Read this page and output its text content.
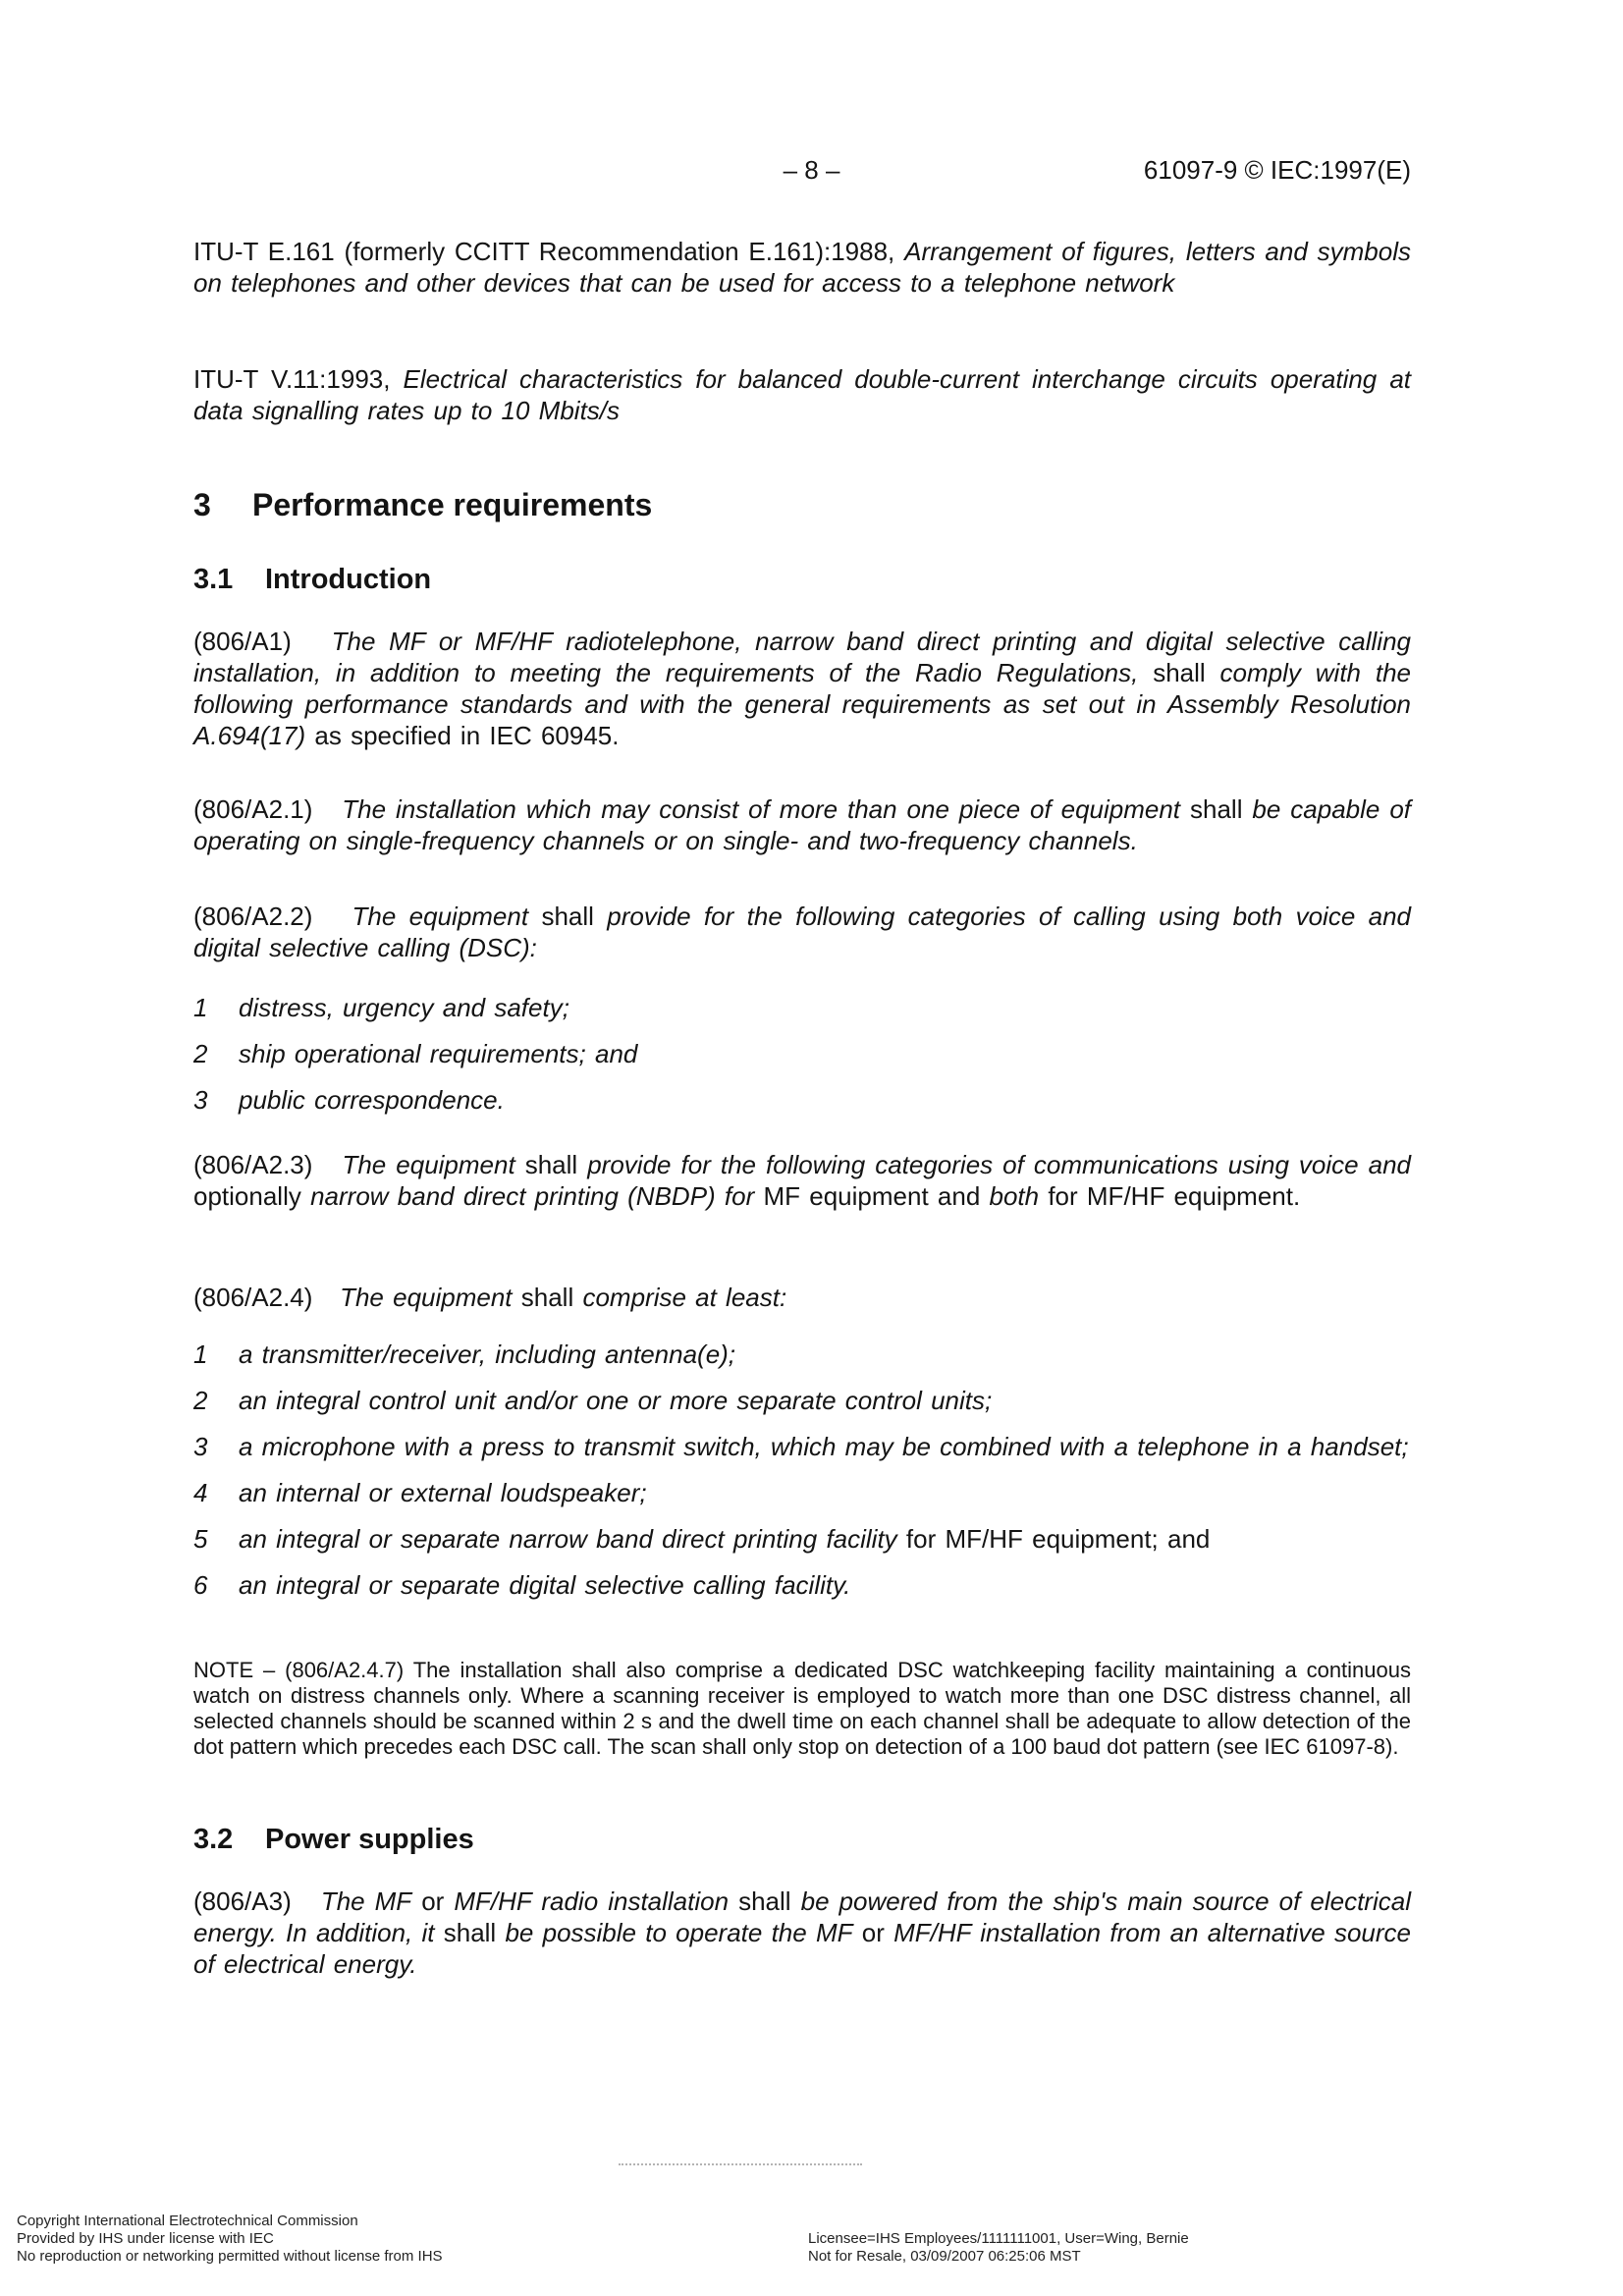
– 8 –	61097-9 © IEC:1997(E)

ITU-T E.161 (formerly CCITT Recommendation E.161):1988, Arrangement of figures, letters and symbols on telephones and other devices that can be used for access to a telephone network

ITU-T V.11:1993, Electrical characteristics for balanced double-current interchange circuits operating at data signalling rates up to 10 Mbits/s

3	Performance requirements
3.1	Introduction

(806/A1)   The MF or MF/HF radiotelephone, narrow band direct printing and digital selective calling installation, in addition to meeting the requirements of the Radio Regulations, shall comply with the following performance standards and with the general requirements as set out in Assembly Resolution A.694(17) as specified in IEC 60945.

(806/A2.1)   The installation which may consist of more than one piece of equipment shall be capable of operating on single-frequency channels or on single- and two-frequency channels.

(806/A2.2)   The equipment shall provide for the following categories of calling using both voice and digital selective calling (DSC):

1 distress, urgency and safety;
2 ship operational requirements; and
3 public correspondence.

(806/A2.3)   The equipment shall provide for the following categories of communications using voice and optionally narrow band direct printing (NBDP) for MF equipment and both for MF/HF equipment.

(806/A2.4)   The equipment shall comprise at least:

1 a transmitter/receiver, including antenna(e);
2 an integral control unit and/or one or more separate control units;
3 a microphone with a press to transmit switch, which may be combined with a telephone in a handset;
4 an internal or external loudspeaker;
5 an integral or separate narrow band direct printing facility for MF/HF equipment; and
6 an integral or separate digital selective calling facility.

NOTE – (806/A2.4.7) The installation shall also comprise a dedicated DSC watchkeeping facility maintaining a continuous watch on distress channels only. Where a scanning receiver is employed to watch more than one DSC distress channel, all selected channels should be scanned within 2 s and the dwell time on each channel shall be adequate to allow detection of the dot pattern which precedes each DSC call. The scan shall only stop on detection of a 100 baud dot pattern (see IEC 61097-8).

3.2	Power supplies

(806/A3)   The MF or MF/HF radio installation shall be powered from the ship's main source of electrical energy. In addition, it shall be possible to operate the MF or MF/HF installation from an alternative source of electrical energy.

Copyright International Electrotechnical Commission
Provided by IHS under license with IEC
No reproduction or networking permitted without license from IHS
Licensee=IHS Employees/1111111001, User=Wing, Bernie
Not for Resale, 03/09/2007 06:25:06 MST
